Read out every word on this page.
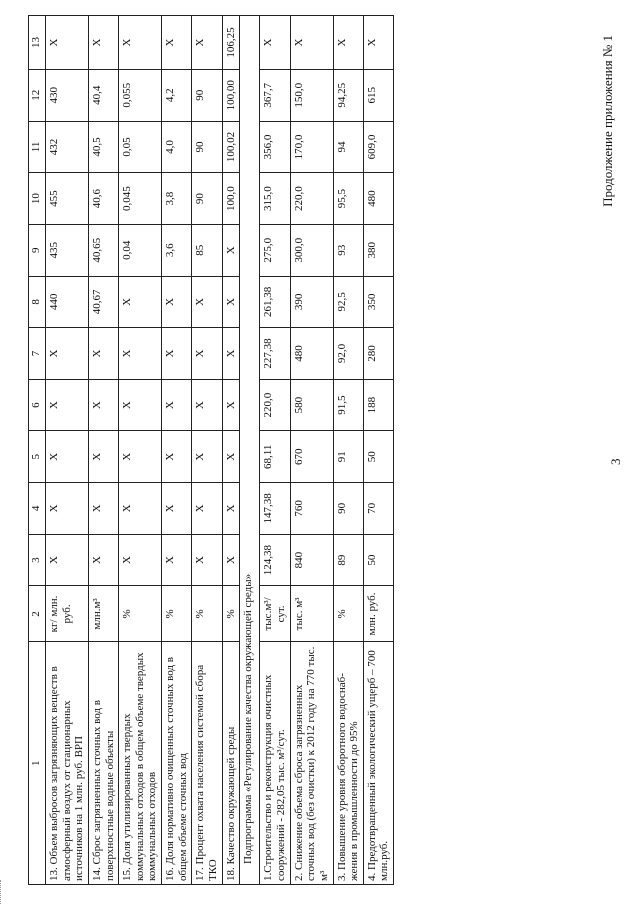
1	2	3	4	5	6	7	8	9	10	11	12	13
13. Объем выбросов загрязняющих веществ в атмосферный воздух от стационарных источников на 1 млн. руб. ВРП	кг/ млн. руб.	X	X	X	X	X	440	435	455	432	430	X
14. Сброс загрязненных сточных вод в поверхностные водные объекты	млн.м³	X	X	X	X	X	40,67	40,65	40,6	40,5	40,4	X
15. Доля утилизированных твердых коммунальных отходов в общем объеме твердых коммунальных отходов	%	X	X	X	X	X	X	0,04	0,045	0,05	0,055	X
16. Доля нормативно очищенных сточных вод в общем объеме сточных вод	%	X	X	X	X	X	X	3,6	3,8	4,0	4,2	X
17. Процент охвата населения системой сбора ТКО	%	X	X	X	X	X	X	85	90	90	90	X
18. Качество окружающей среды	%	X	X	X	X	X	X	X	100,0	100,02	100,00	106,25
Подпрограмма «Регулирование качества окружающей среды»												
1.Строительство и реконструкция очистных сооружений - 282,05 тыс. м³/сут.	тыс.м³/ сут.	124,38	147,38	68,11	220,0	227,38	261,38	275,0	315,0	356,0	367,7	X
2. Снижение объема сброса загрязненных сточных вод (без очистки) к 2012 году на 770 тыс. м³	тыс. м³	840	760	670	580	480	390	300,0	220,0	170,0	150,0	X
3. Повышение уровня оборотного водоснаб-жения в промышленности до 95%	%	89	90	91	91,5	92,0	92,5	93	95,5	94	94,25	X
4. Предотвращенный экологический ущерб – 700 млн.руб.	млн. руб.	50	70	50	188	280	350	380	480	609,0	615	X
3
Продолжение приложения № 1
